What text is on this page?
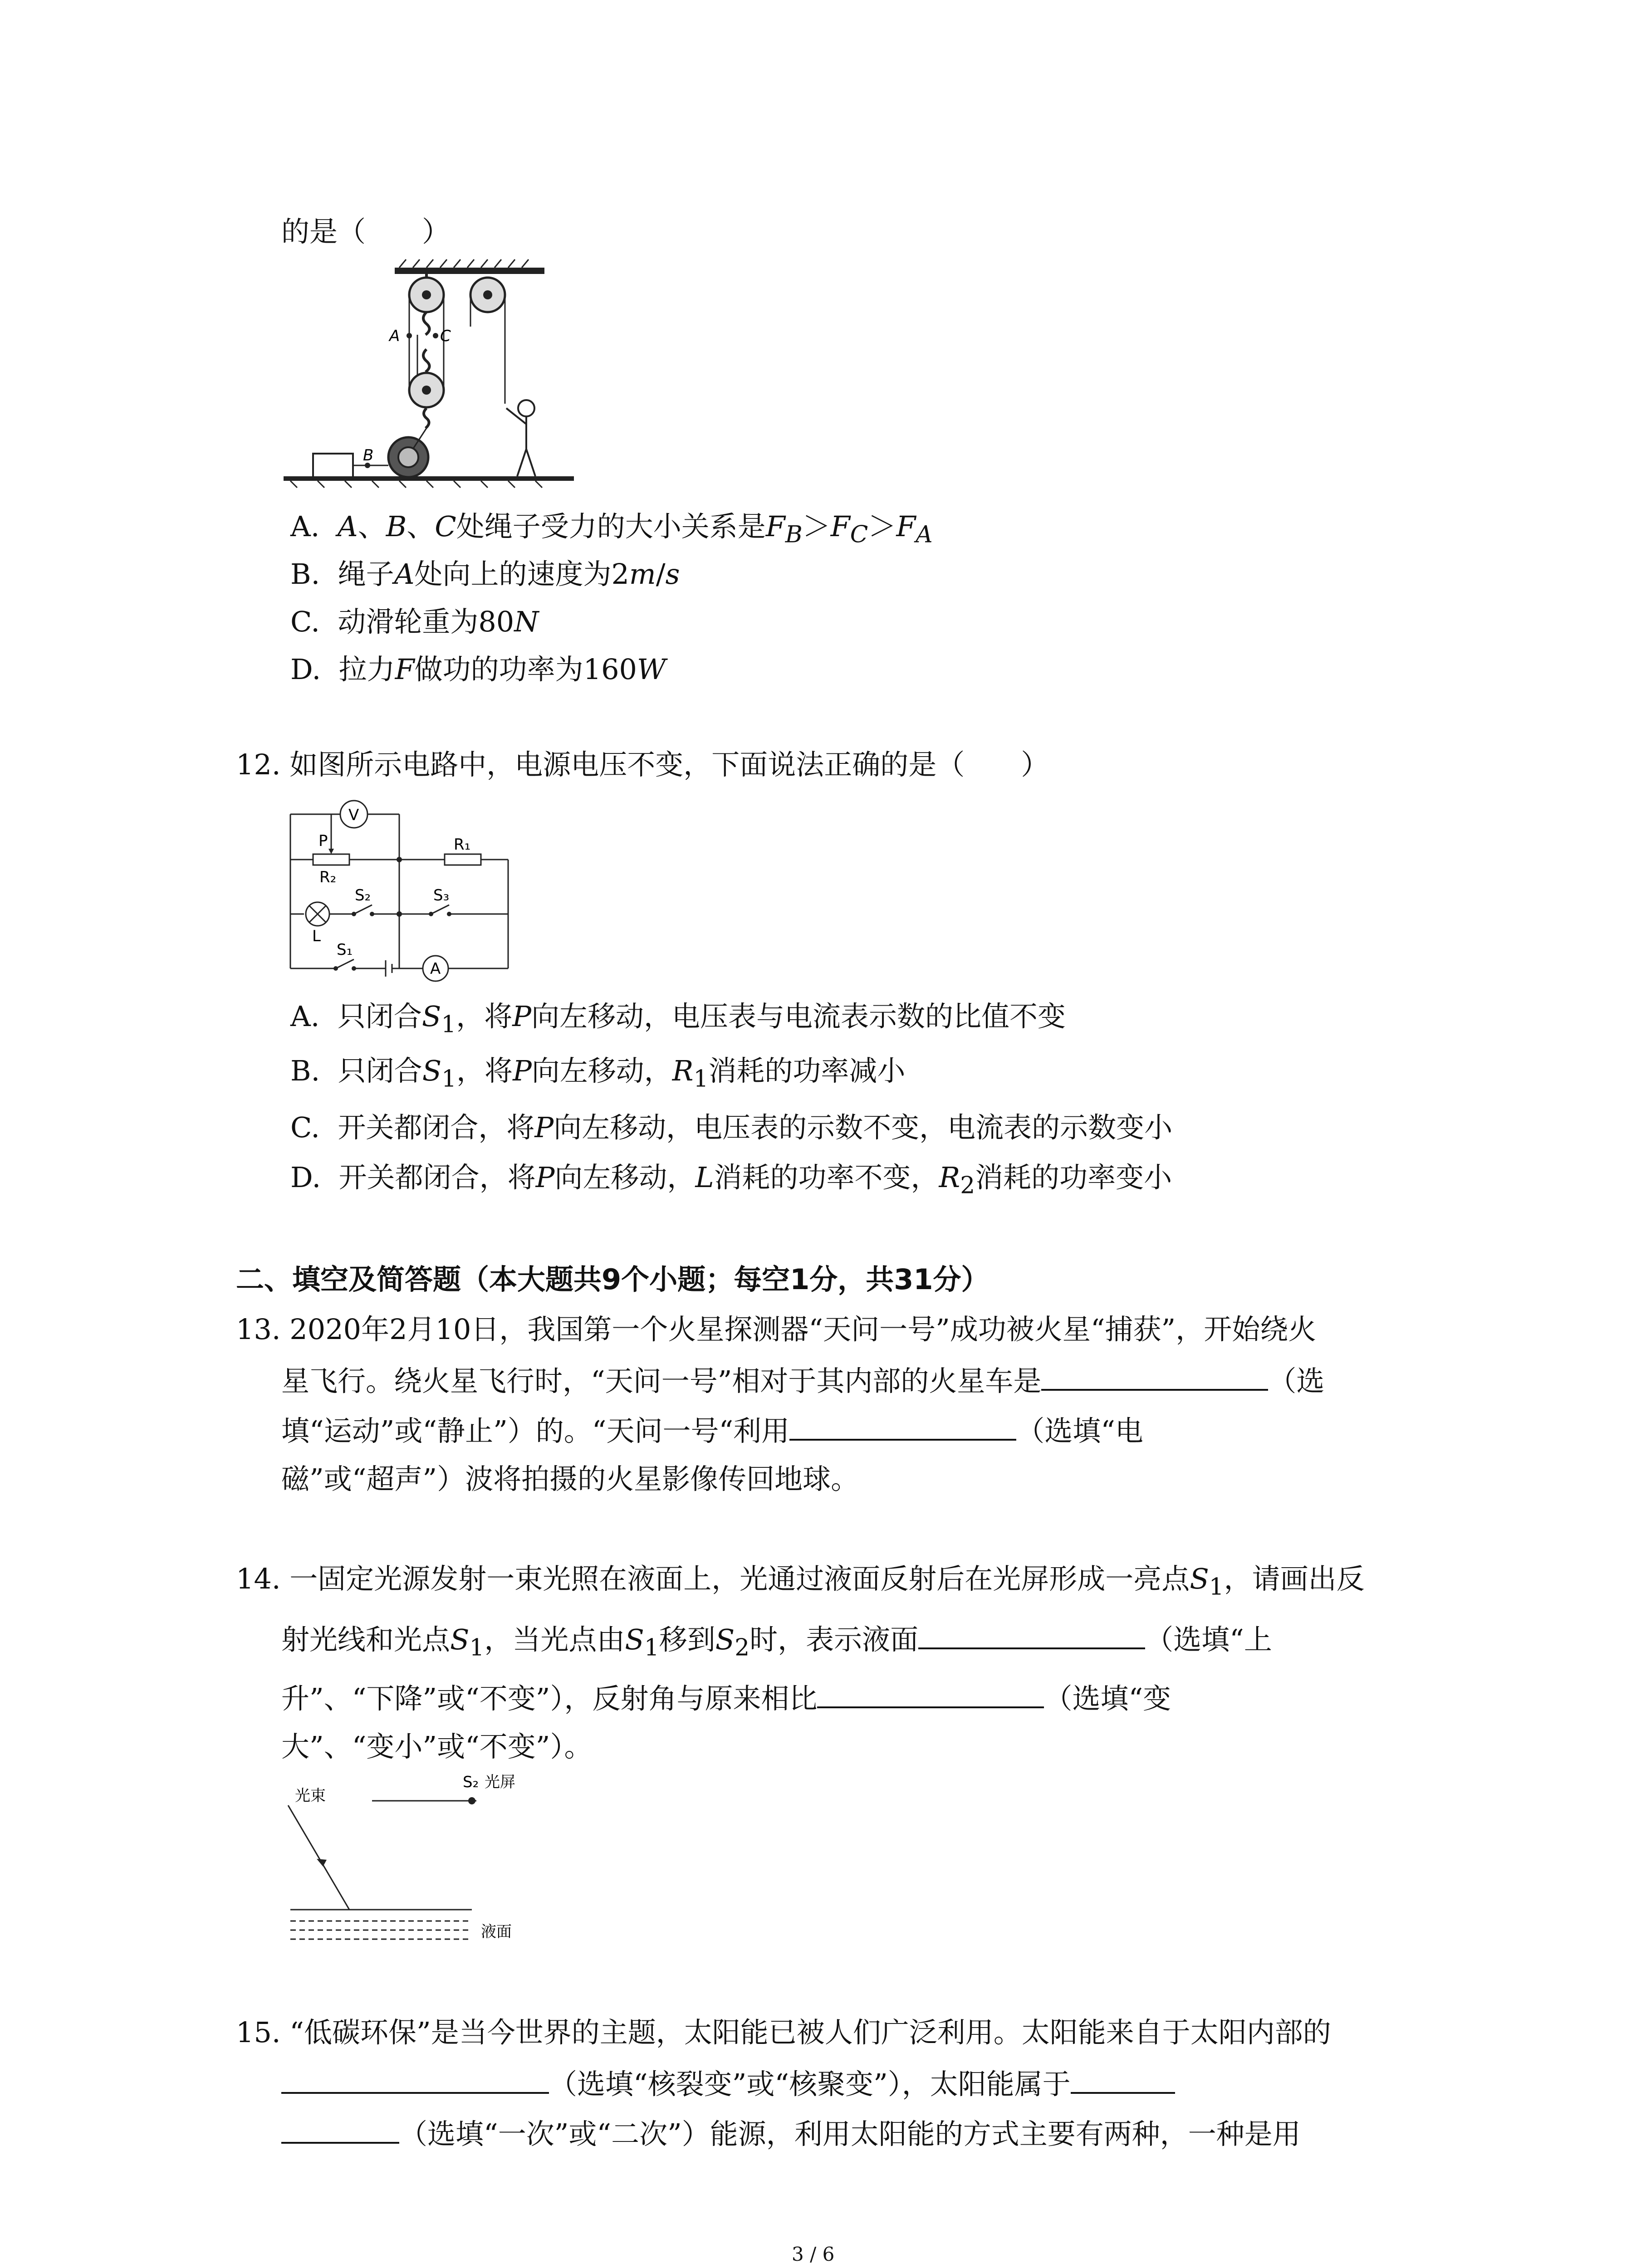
的是（　　）
A	C
B
A.  A、B、C处绳子受力的大小关系是$F_B>F_C>F_A$
B.  绳子A处向上的速度为2m/s
C.  动滑轮重为80N
D.  拉力F做功的功率为160W
12. 如图所示电路中，电源电压不变，下面说法正确的是（　　）
V
A
P
R₂
R₁
S₂	S₃
S₁
L
A.  只闭合$S_1$，将P向左移动，电压表与电流表示数的比值不变
B.  只闭合$S_1$，将P向左移动，$R_1$消耗的功率减小
C.  开关都闭合，将P向左移动，电压表的示数不变，电流表的示数变小
D.  开关都闭合，将P向左移动，L消耗的功率不变，$R_2$消耗的功率变小
二、填空及简答题（本大题共9个小题；每空1分，共31分）
13. 2020年2月10日，我国第一个火星探测器“天问一号”成功被火星“捕获”，开始绕火
星飞行。绕火星飞行时，“天问一号”相对于其内部的火星车是	（选
填“运动”或“静止”）的。“天问一号“利用	（选填“电
磁”或“超声”）波将拍摄的火星影像传回地球。
14. 一固定光源发射一束光照在液面上，光通过液面反射后在光屏形成一亮点$S_1$，请画出反
射光线和光点$S_1$，当光点由$S_1$移到$S_2$时，表示液面	（选填“上
升”、“下降”或“不变”），反射角与原来相比	（选填“变
大”、“变小”或“不变”）。
光束
S₂ 光屏
液面
15. “低碳环保”是当今世界的主题，太阳能已被人们广泛利用。太阳能来自于太阳内部的
（选填“核裂变”或“核聚变”），太阳能属于
（选填“一次”或“二次”）能源，利用太阳能的方式主要有两种，一种是用
3 / 6
